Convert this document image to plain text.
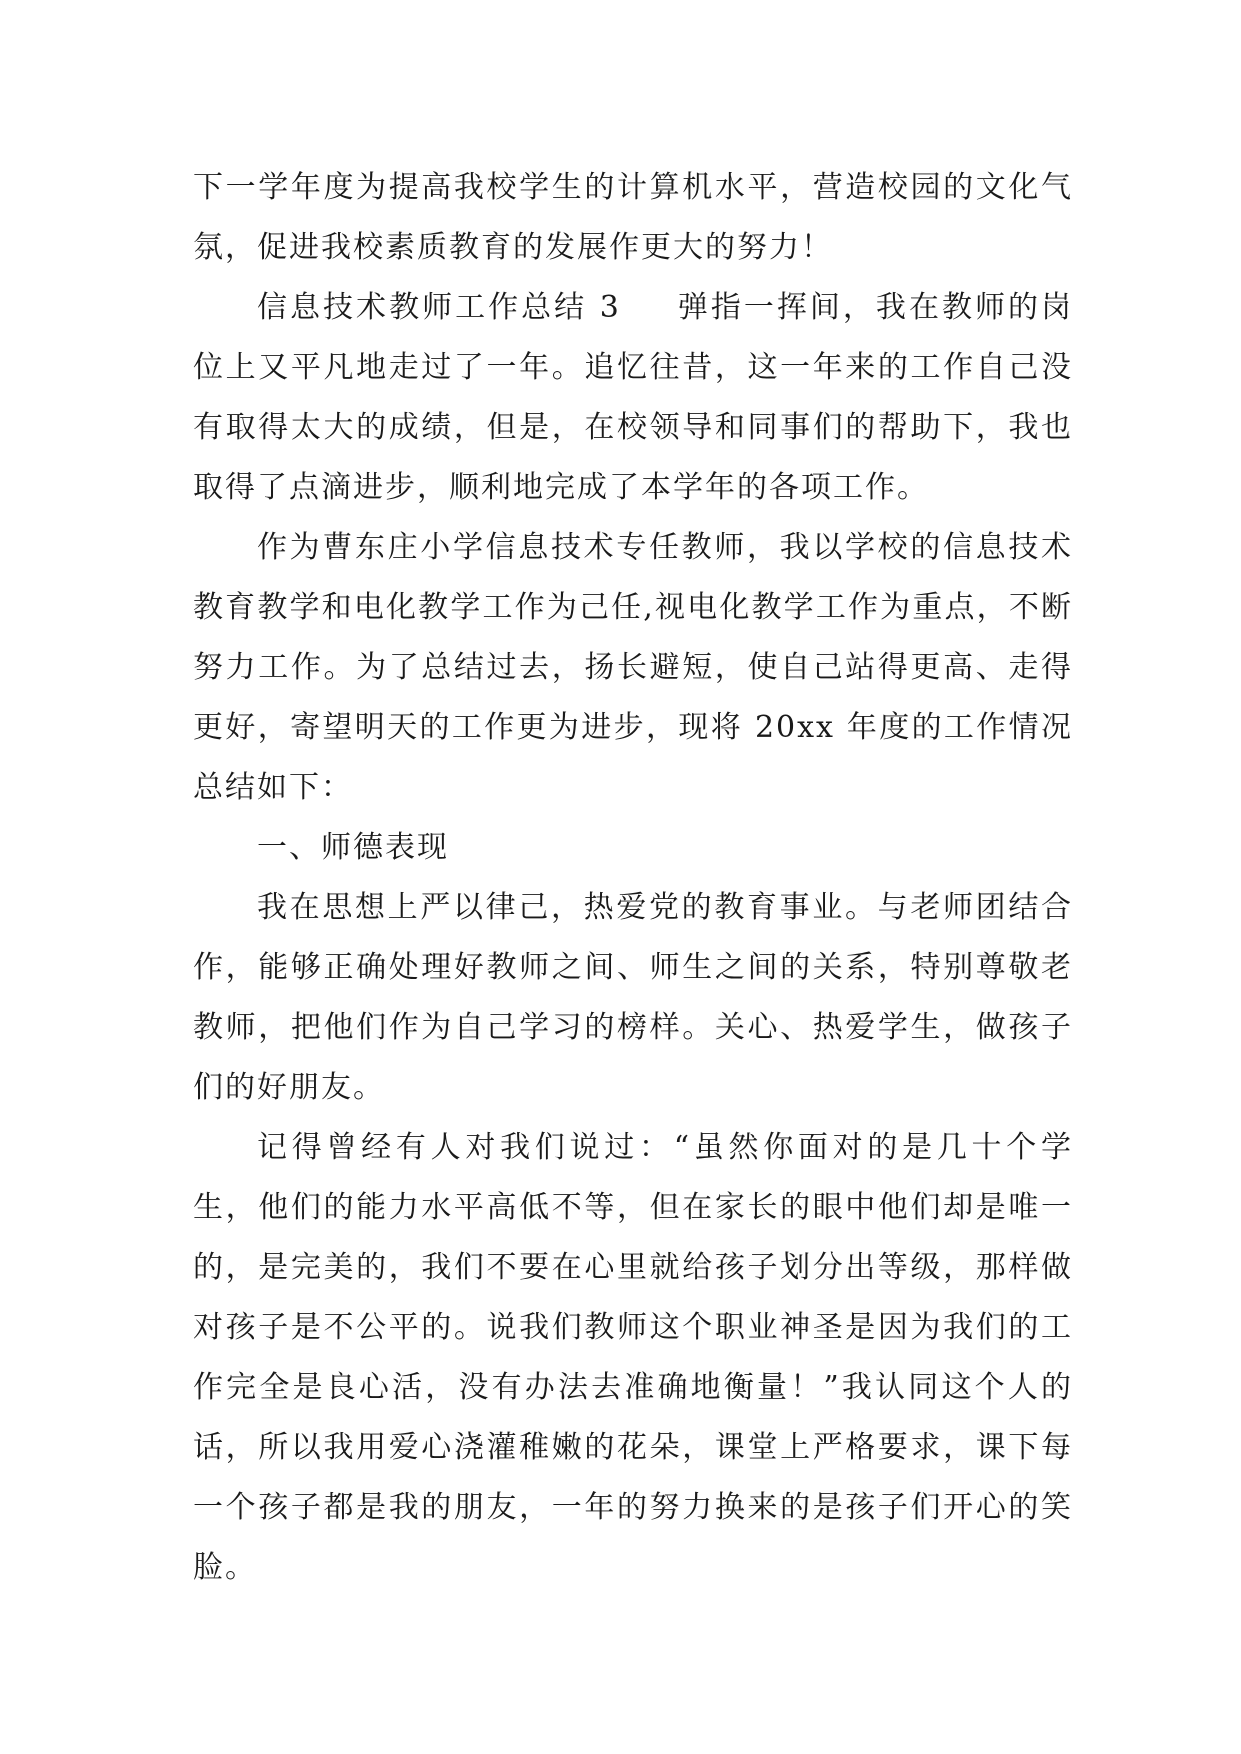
下一学年度为提高我校学生的计算机水平，营造校园的文化气氛，促进我校素质教育的发展作更大的努力！

信息技术教师工作总结 3 弹指一挥间，我在教师的岗位上又平凡地走过了一年。追忆往昔，这一年来的工作自己没有取得太大的成绩，但是，在校领导和同事们的帮助下，我也取得了点滴进步，顺利地完成了本学年的各项工作。

作为曹东庄小学信息技术专任教师，我以学校的信息技术教育教学和电化教学工作为己任,视电化教学工作为重点，不断努力工作。为了总结过去，扬长避短，使自己站得更高、走得更好，寄望明天的工作更为进步，现将 20xx 年度的工作情况总结如下：

一、师德表现

我在思想上严以律己，热爱党的教育事业。与老师团结合作，能够正确处理好教师之间、师生之间的关系，特别尊敬老教师，把他们作为自己学习的榜样。关心、热爱学生，做孩子们的好朋友。

记得曾经有人对我们说过：“虽然你面对的是几十个学生，他们的能力水平高低不等，但在家长的眼中他们却是唯一的，是完美的，我们不要在心里就给孩子划分出等级，那样做对孩子是不公平的。说我们教师这个职业神圣是因为我们的工作完全是良心活，没有办法去准确地衡量！”我认同这个人的话，所以我用爱心浇灌稚嫩的花朵，课堂上严格要求，课下每一个孩子都是我的朋友，一年的努力换来的是孩子们开心的笑脸。
